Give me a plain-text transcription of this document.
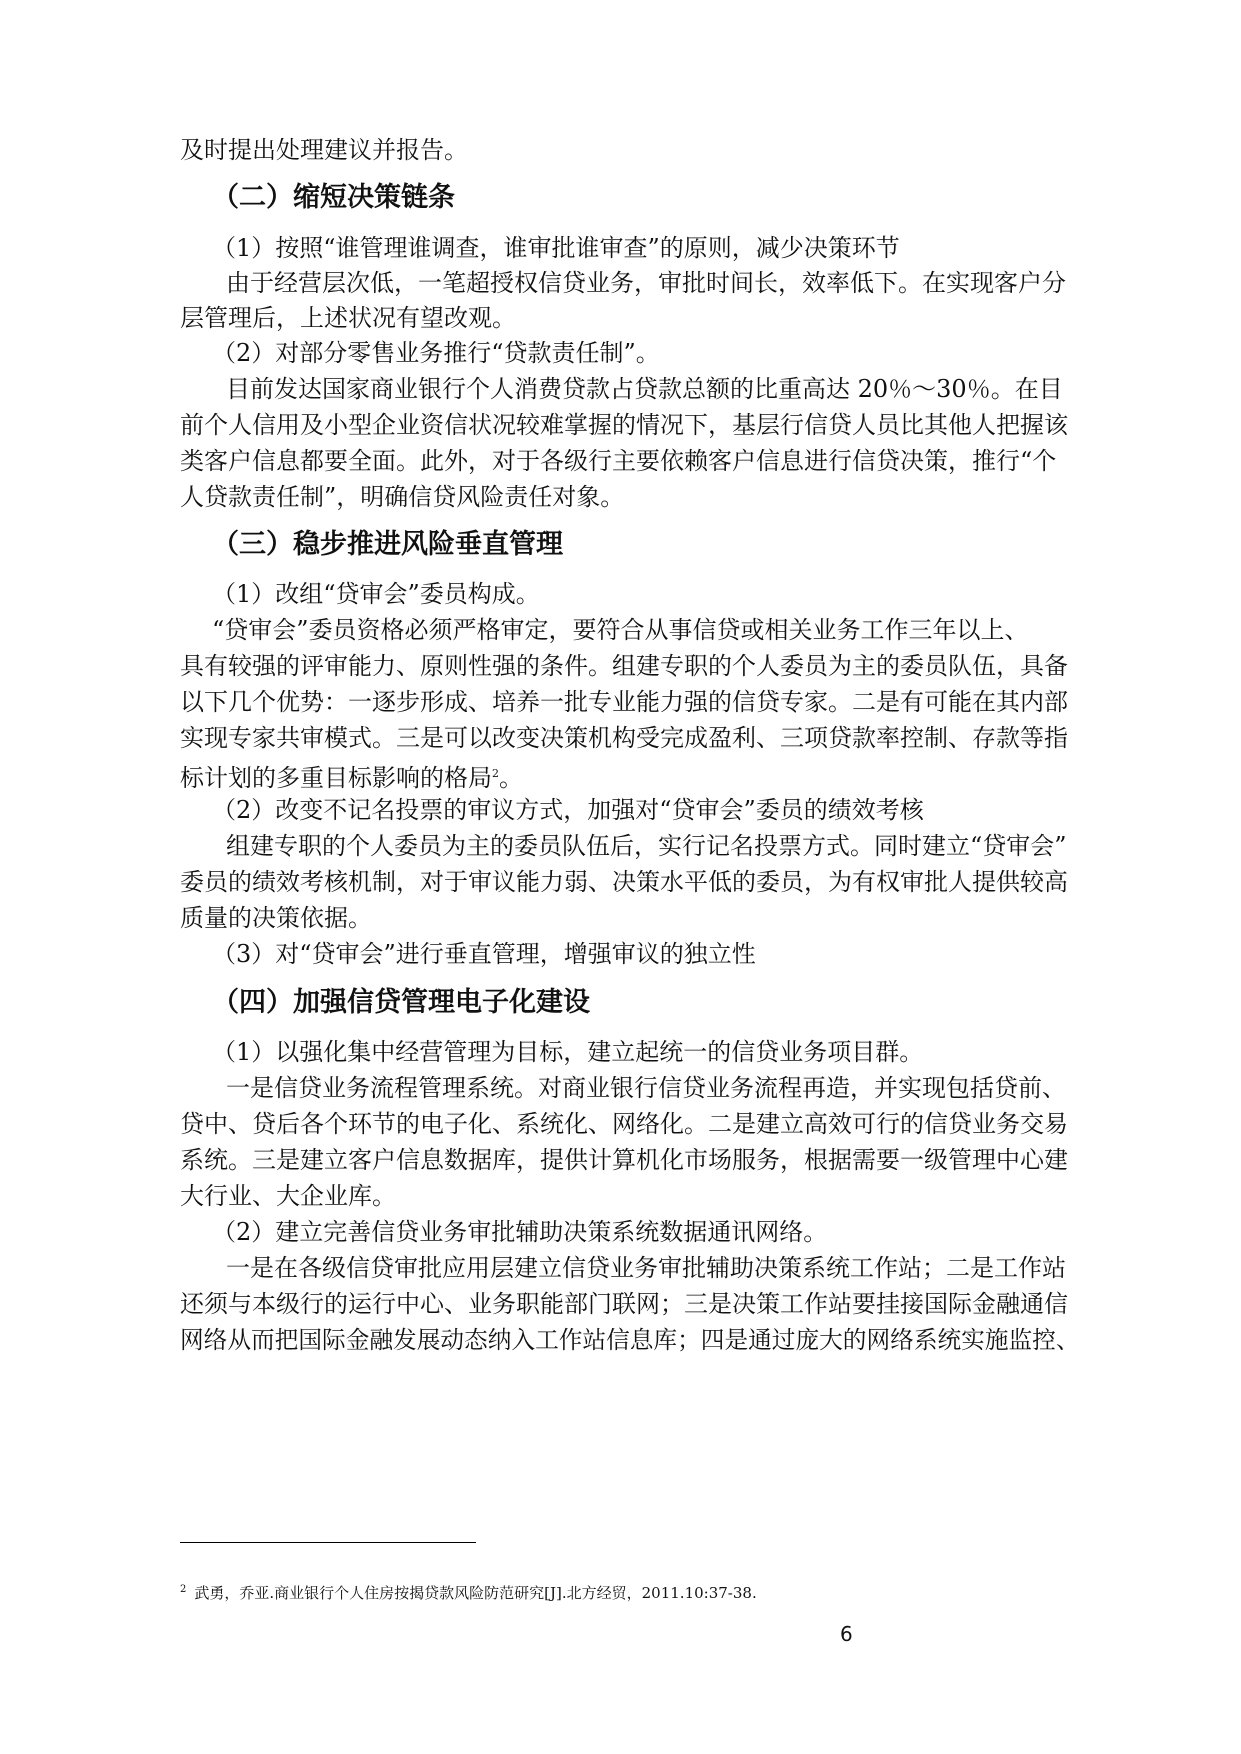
及时提出处理建议并报告。
（二）缩短决策链条
（1）按照“谁管理谁调查，谁审批谁审查”的原则，减少决策环节
由于经营层次低，一笔超授权信贷业务，审批时间长，效率低下。在实现客户分
层管理后，上述状况有望改观。
（2）对部分零售业务推行“贷款责任制”。
目前发达国家商业银行个人消费贷款占贷款总额的比重高达 20％～30％。在目
前个人信用及小型企业资信状况较难掌握的情况下，基层行信贷人员比其他人把握该
类客户信息都要全面。此外，对于各级行主要依赖客户信息进行信贷决策，推行“个
人贷款责任制”，明确信贷风险责任对象。
（三）稳步推进风险垂直管理
（1）改组“贷审会”委员构成。
“贷审会”委员资格必须严格审定，要符合从事信贷或相关业务工作三年以上、
具有较强的评审能力、原则性强的条件。组建专职的个人委员为主的委员队伍，具备
以下几个优势：一逐步形成、培养一批专业能力强的信贷专家。二是有可能在其内部
实现专家共审模式。三是可以改变决策机构受完成盈利、三项贷款率控制、存款等指
标计划的多重目标影响的格局$^2$。
（2）改变不记名投票的审议方式，加强对“贷审会”委员的绩效考核
组建专职的个人委员为主的委员队伍后，实行记名投票方式。同时建立“贷审会”
委员的绩效考核机制，对于审议能力弱、决策水平低的委员，为有权审批人提供较高
质量的决策依据。
（3）对“贷审会”进行垂直管理，增强审议的独立性
（四）加强信贷管理电子化建设
（1）以强化集中经营管理为目标，建立起统一的信贷业务项目群。
一是信贷业务流程管理系统。对商业银行信贷业务流程再造，并实现包括贷前、
贷中、贷后各个环节的电子化、系统化、网络化。二是建立高效可行的信贷业务交易
系统。三是建立客户信息数据库，提供计算机化市场服务，根据需要一级管理中心建
大行业、大企业库。
（2）建立完善信贷业务审批辅助决策系统数据通讯网络。
一是在各级信贷审批应用层建立信贷业务审批辅助决策系统工作站；二是工作站
还须与本级行的运行中心、业务职能部门联网；三是决策工作站要挂接国际金融通信
网络从而把国际金融发展动态纳入工作站信息库；四是通过庞大的网络系统实施监控、
$^2$ 武勇，乔亚.商业银行个人住房按揭贷款风险防范研究[J].北方经贸，2011.10:37-38.
6
